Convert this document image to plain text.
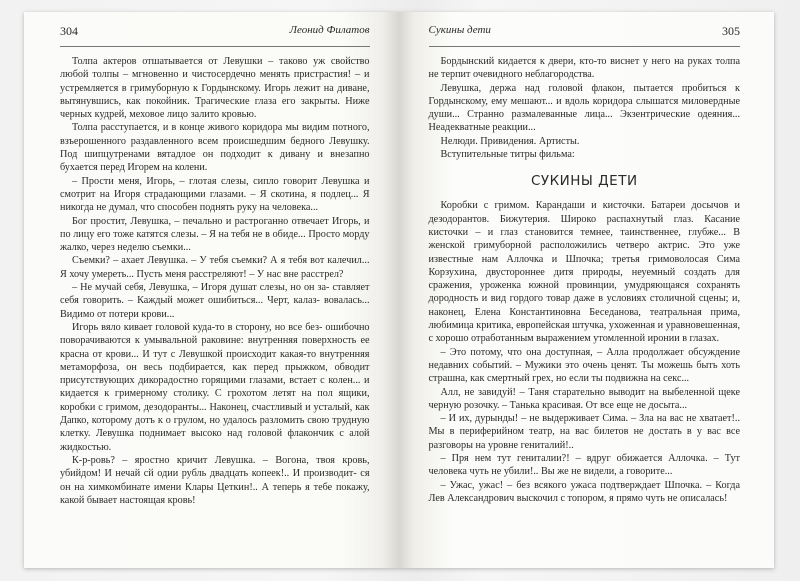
304	Леонид Филатов

Толпа актеров отшатывается от Левушки – таково уж свойство любой толпы – мгновенно и чистосердечно менять пристрастия! – и устремляется в гримуборную к Гордынскому. Игорь лежит на диване, вытянувшись, как покойник. Трагические глаза его закрыты. Ниже черных кудрей, меховое лицо залито кровью.

Толпа расступается, и в конце живого коридора мы видим потного, взъерошенного раздавленного всем происшедшим бедного Левушку. Под шипцутренами вятадлое он подходит к дивану и внезапно бухается перед Игорем на колени.

– Прости меня, Игорь, – глотая слезы, сипло говорит Левушка и смотрит на Игоря страдающими глазами. – Я скотина, я подлец... Я никогда не думал, что способен поднять руку на человека...

Бог простит, Левушка, – печально и растроганно отвечает Игорь, и по лицу его тоже катятся слезы. – Я на тебя не в обиде... Просто морду жалко, через неделю съемки...

Съемки? – ахает Левушка. – У тебя съемки? А я тебя вот калечил... Я хочу умереть... Пусть меня расстреляют! – У нас вне расстрел?

– Не мучай себя, Левушка, – Игоря душат слезы, но он за- ставляет себя говорить. – Каждый может ошибиться... Черт, калаз- вовалась... Видимо от потери крови...

Игорь вяло кивает головой куда-то в сторону, но все без- ошибочно поворачиваются к умывальной раковине: внутренняя поверхность ее красна от крови... И тут с Левушкой происходит какая-то внутренняя метаморфоза, он весь подбирается, как перед прыжком, обводит присутствующих дикорадостно горящими глазами, встает с колен... и кидается к гримерному столику. С грохотом летят на пол ящики, коробки с гримом, дезодоранты... Наконец, счастливый и усталый, как Дапко, которому дотъ к о грулом, но удалось разломить свою трудную клетку. Левушка поднимает высоко над головой флакончик с алой жидкостью.

К-р-ровь? – яростно кричит Левушка. – Вогона, твоя кровь, убийдом! И нечай сй одии рубль двадцать копеек!.. И производит- ся он на химкомбинате имени Клары Цеткин!.. А теперь я тебе покажу, какой бывает настоящая кровь!

Сукины дети	305

Бордынский кидается к двери, кто-то виснет у него на руках толпа не терпит очевидного неблагородства.

Левушка, держа над головой флакон, пытается пробиться к Гордынскому, ему мешают... и вдоль коридора слышатся миловердные души... Странно размалеванные лица... Экзентрические одеяния... Неадекватные реакции...

Нелюди. Привидения. Артисты.

Вступительные титры фильма:

СУКИНЫ ДЕТИ

Коробки с гримом. Карандаши и кисточки. Батареи досычов и дезодорантов. Бижутерия. Широко распахнутый глаз. Касание кисточки – и глаз становится темнее, таинственнее, глубже... В женской гримуборной расположились четверо актрис. Это уже известные нам Аллочка и Шпочка; третья гримоволосая Сима Корзухина, двустороннее дитя природы, неуемный создать для сражения, уроженка южной провинции, умудряющаяся сохранять дородность и вид гордого товар даже в условиях столичной сцены; и, наконец, Елена Константиновна Беседанова, театральная прима, любимица критика, европейская штучка, ухоженная и уравновешенная, с хорошо отработанным выражением утомленной иронии в глазах.

– Это потому, что она доступная, – Алла продолжает обсуждение недавних событий. – Мужики это очень ценят. Ты можешь быть хоть страшна, как смертный грех, но если ты подвижна на секс...

Алл, не завидуй! – Таня старательно выводит на выбеленной щеке черную розочку. – Танька красивая. От все еще не досыта...

– И их, дурынды! – не выдерживает Сима. – Зла на вас не хватает!.. Мы в периферийном театр, на вас билетов не достать в у вас все разговоры на уровне гениталий!..

– Пря нем тут гениталии?! – вдруг обижается Аллочка. – Тут человека чуть не убили!.. Вы же не видели, а говорите...

– Ужас, ужас! – без всякого ужаса подтверждает Шпочка. – Когда Лев Александрович выскочил с топором, я прямо чуть не описалась!
